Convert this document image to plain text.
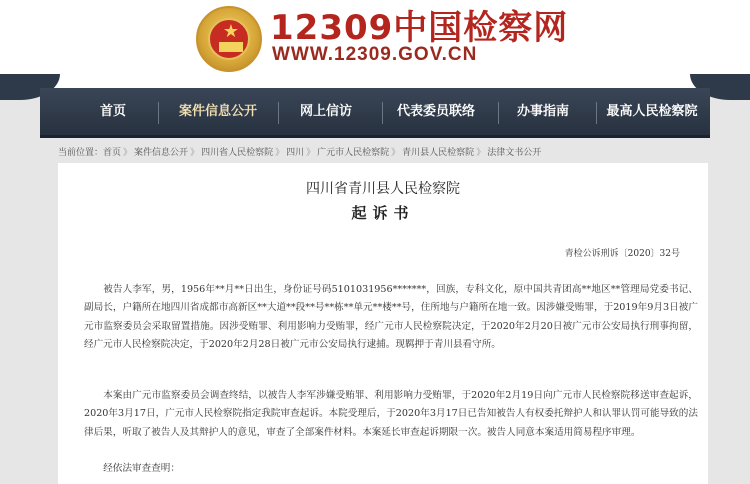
★ 12309中国检察网
WWW.12309.GOV.CN
首页	案件信息公开	网上信访	代表委员联络	办事指南	最高人民检察院
当前位置：首页 》 案件信息公开 》 四川省人民检察院 》 四川 》 广元市人民检察院 》 青川县人民检察院 》 法律文书公开
四川省青川县人民检察院
起诉书
青检公诉刑诉〔2020〕32号

被告人李军，男，1956年**月**日出生，身份证号码5101031956*******，回族，专科文化，原中国共青团高**地区**管理局党委书记、副局长，户籍所在地四川省成都市高新区**大道**段**号**栋**单元**楼**号，住所地与户籍所在地一致。因涉嫌受贿罪，于2019年9月3日被广元市监察委员会采取留置措施。因涉受贿罪、利用影响力受贿罪，经广元市人民检察院决定，于2020年2月20日被广元市公安局执行刑事拘留，经广元市人民检察院决定，于2020年2月28日被广元市公安局执行逮捕。现羁押于青川县看守所。

本案由广元市监察委员会调查终结，以被告人李军涉嫌受贿罪、利用影响力受贿罪，于2020年2月19日向广元市人民检察院移送审查起诉，2020年3月17日，广元市人民检察院指定我院审查起诉。本院受理后，于2020年3月17日已告知被告人有权委托辩护人和认罪认罚可能导致的法律后果，听取了被告人及其辩护人的意见，审查了全部案件材料。本案延长审查起诉期限一次。被告人同意本案适用简易程序审理。

经依法审查查明：
